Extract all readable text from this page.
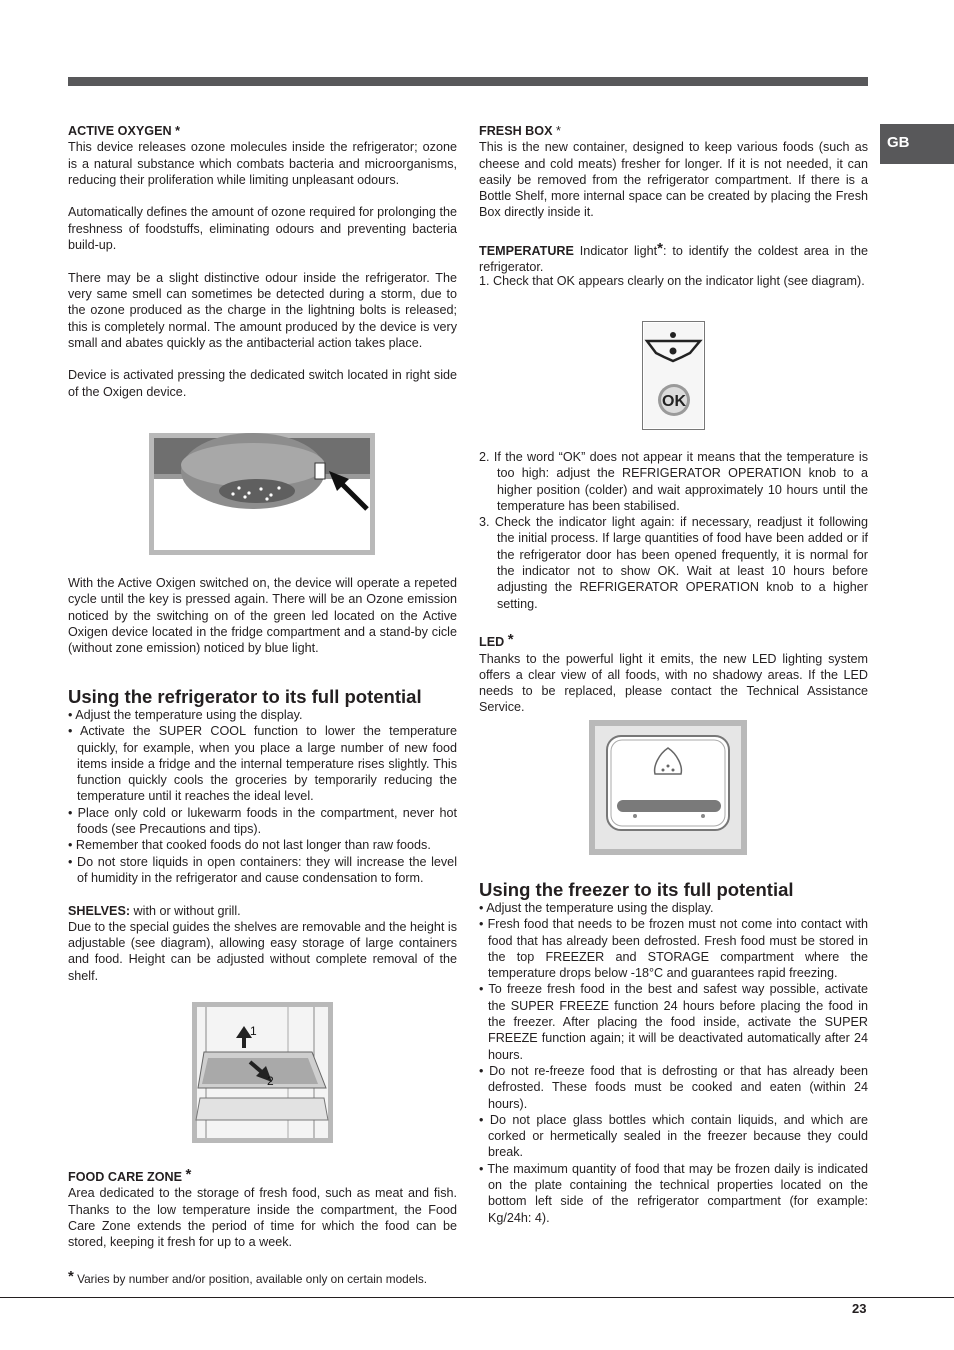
GB

ACTIVE OXYGEN *

This device releases ozone molecules inside the refrigerator; ozone is a natural substance which combats bacteria and microorganisms, reducing their proliferation while limiting unpleasant odours.

Automatically defines the amount of ozone required for prolonging the freshness of foodstuffs, eliminating odours and preventing bacteria build-up.

There may be a slight distinctive odour inside the refrigerator. The very same smell can sometimes be detected during a storm, due to the ozone produced as the charge in the lightning bolts is released; this is completely normal. The amount produced by the device is very small and abates quickly as the antibacterial action takes place.

Device is activated pressing the dedicated switch located in right side of the Oxigen device.

With the Active Oxigen switched on, the device will operate a repeted cycle until the key is pressed again. There will be an Ozone emission noticed by the switching on of the green led located on the Active Oxigen device located in the fridge compartment and a stand-by cicle (without zone emission) noticed by blue light.

Using the refrigerator to its full potential

• Adjust the temperature using the display.

• Activate the SUPER COOL function to lower the temperature quickly, for example, when you place a large number of new food items inside a fridge and the internal temperature rises slightly. This function quickly cools the groceries by temporarily reducing the temperature until it reaches the ideal level.

• Place only cold or lukewarm foods in the compartment, never hot foods (see Precautions and tips).

• Remember that cooked foods do not last longer than raw foods.

• Do not store liquids in open containers: they will increase the level of humidity in the refrigerator and cause condensation to form.

SHELVES: with or without grill.

Due to the special guides the shelves are removable and the height is adjustable (see diagram), allowing easy storage of large containers and food. Height can be adjusted without complete removal of the shelf.

1
2

FOOD CARE ZONE *

Area dedicated to the storage of fresh food, such as meat and fish. Thanks to the low temperature inside the compartment, the Food Care Zone extends the period of time for which the food can be stored, keeping it fresh for up to a week.

* Varies by number and/or position, available only on certain models.

FRESH BOX *

This is the new container, designed to keep various foods (such as cheese and cold meats) fresher for longer. If it is not needed, it can easily be removed from the refrigerator compartment. If there is a Bottle Shelf, more internal space can be created by placing the Fresh Box directly inside it.

TEMPERATURE Indicator light*: to identify the coldest area in the refrigerator.

1. Check that OK appears clearly on the indicator light (see diagram).

OK

2. If the word “OK” does not appear it means that the temperature is too high: adjust the REFRIGERATOR OPERATION knob to a higher position (colder) and wait approximately 10 hours until the temperature has been stabilised.

3. Check the indicator light again: if necessary, readjust it following the initial process. If large quantities of food have been added or if the refrigerator door has been opened frequently, it is normal for the indicator not to show OK. Wait at least 10 hours before adjusting the REFRIGERATOR OPERATION knob to a higher setting.

LED *

Thanks to the powerful light it emits, the new LED lighting system offers a clear view of all foods, with no shadowy areas. If the LED needs to be replaced, please contact the Technical Assistance Service.

Using the freezer to its full potential

• Adjust the temperature using the display.

• Fresh food that needs to be frozen must not come into contact with food that has already been defrosted. Fresh food must be stored in the top FREEZER and STORAGE compartment where the temperature drops below -18°C and guarantees rapid freezing.

• To freeze fresh food in the best and safest way possible, activate the SUPER FREEZE function 24 hours before placing the food in the freezer. After placing the food inside, activate the SUPER FREEZE function again; it will be deactivated automatically after 24 hours.

• Do not re-freeze food that is defrosting or that has already been defrosted. These foods must be cooked and eaten (within 24 hours).

• Do not place glass bottles which contain liquids, and which are corked or hermetically sealed in the freezer because they could break.

• The maximum quantity of food that may be frozen daily is indicated on the plate containing the technical properties located on the bottom left side of the refrigerator compartment (for example: Kg/24h: 4).

23
